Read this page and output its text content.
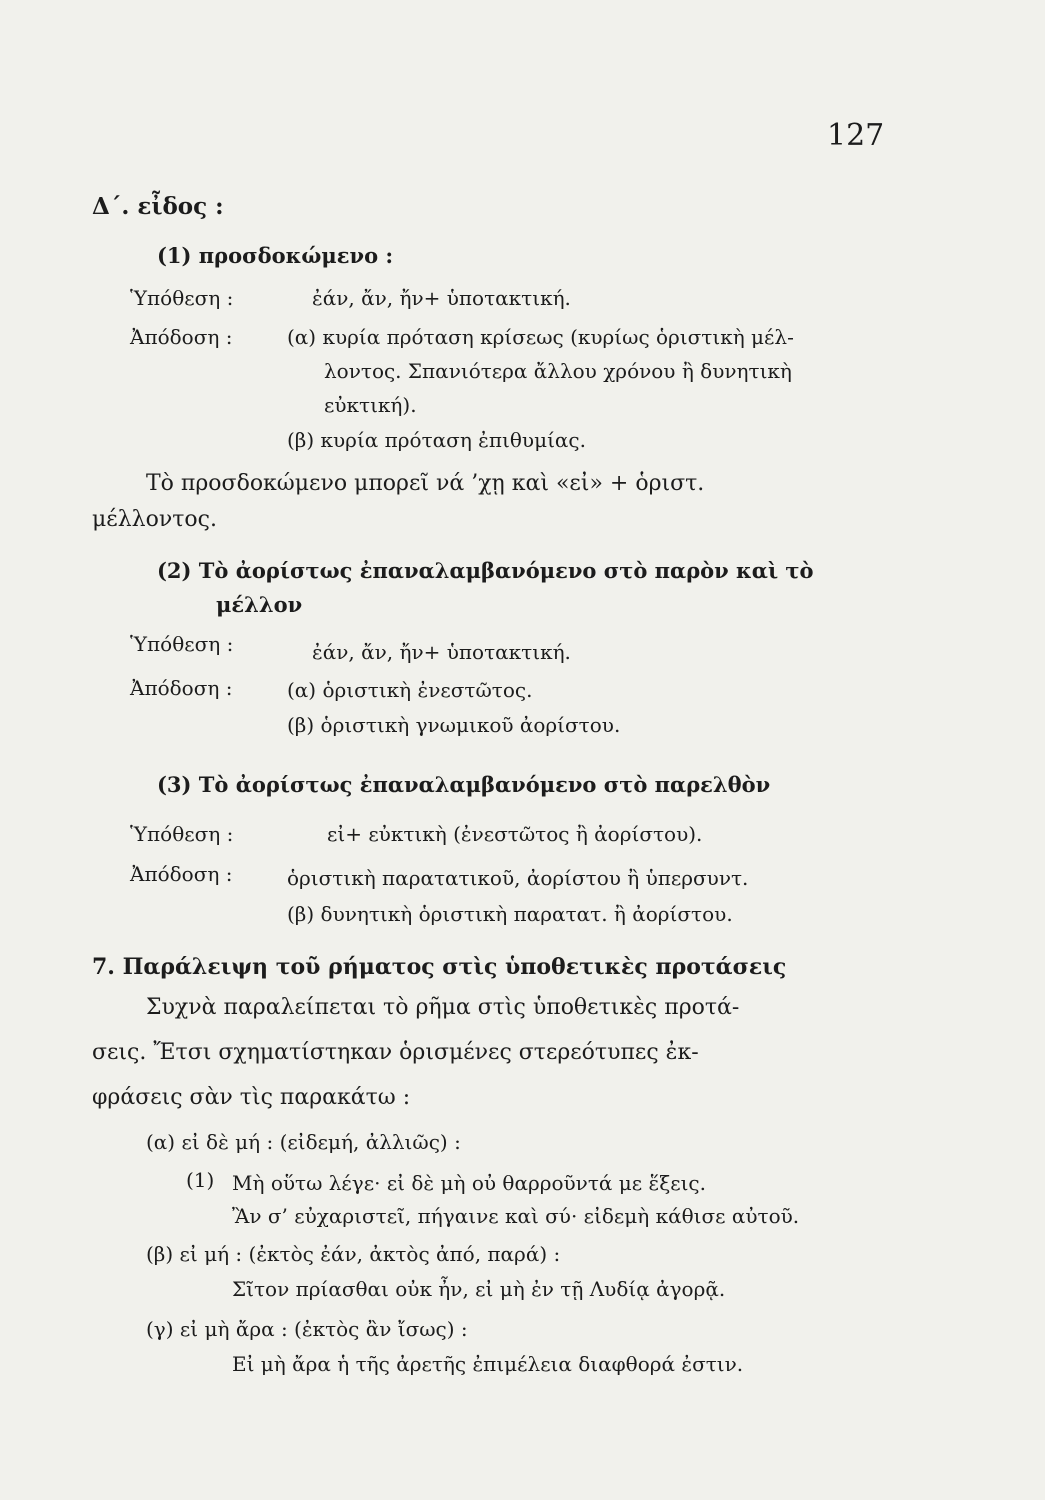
127
Δ΄. εἶδος :
(1) προσδοκώμενο :
Ὑπόθεση :	ἐάν, ἄν, ἤν+ ὑποτακτική.
Ἀπόδοση :	(α) κυρία πρόταση κρίσεως (κυρίως ὁριστικὴ μέλ-
λοντος. Σπανιότερα ἄλλου χρόνου ἢ δυνητικὴ
εὐκτική).
(β) κυρία πρόταση ἐπιθυμίας.
Τὸ προσδοκώμενο μπορεῖ νά ’χῃ καὶ «εἰ» + ὁριστ.
μέλλοντος.
(2) Τὸ ἀορίστως ἐπαναλαμβανόμενο στὸ παρὸν καὶ τὸ
μέλλον
Ὑπόθεση :	ἐάν, ἄν, ἤν+ ὑποτακτική.
Ἀπόδοση :	(α) ὁριστικὴ ἐνεστῶτος.
(β) ὁριστικὴ γνωμικοῦ ἀορίστου.
(3) Τὸ ἀορίστως ἐπαναλαμβανόμενο στὸ παρελθὸν
Ὑπόθεση :	εἰ+ εὐκτικὴ (ἐνεστῶτος ἢ ἀορίστου).
Ἀπόδοση :	ὁριστικὴ παρατατικοῦ, ἀορίστου ἢ ὑπερσυντ.
(β) δυνητικὴ ὁριστικὴ παρατατ. ἢ ἀορίστου.
7. Παράλειψη τοῦ ρήματος στὶς ὑποθετικὲς προτάσεις
Συχνὰ παραλείπεται τὸ ρῆμα στὶς ὑποθετικὲς προτά-
σεις. Ἔτσι σχηματίστηκαν ὁρισμένες στερεότυπες ἐκ-
φράσεις σὰν τὶς παρακάτω :
(α) εἰ δὲ μή : (εἰδεμή, ἀλλιῶς) :
(1) Μὴ οὕτω λέγε· εἰ δὲ μὴ οὐ θαρροῦντά με ἕξεις.
Ἂν σ’ εὐχαριστεῖ, πήγαινε καὶ σύ· εἰδεμὴ κάθισε αὐτοῦ.
(β) εἰ μή : (ἐκτὸς ἐάν, ἀκτὸς ἀπό, παρά) :
Σῖτον πρίασθαι οὐκ ἦν, εἰ μὴ ἐν τῇ Λυδίᾳ ἀγορᾷ.
(γ) εἰ μὴ ἄρα : (ἐκτὸς ἂν ἴσως) :
Εἰ μὴ ἄρα ἡ τῆς ἀρετῆς ἐπιμέλεια διαφθορά ἐστιν.
